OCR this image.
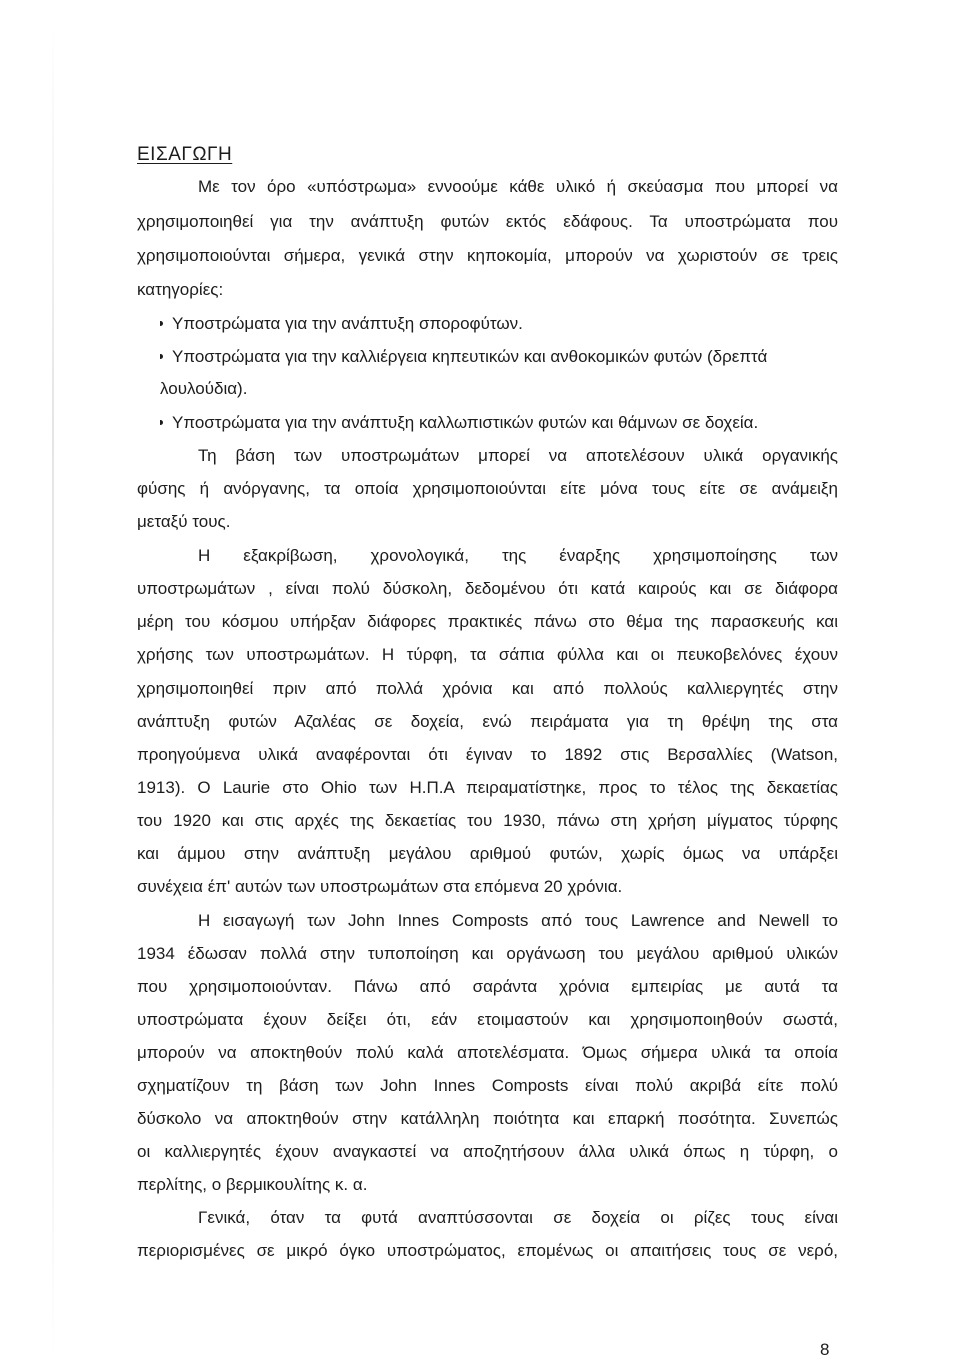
ΕΙΣΑΓΩΓΗ
Με τον όρο «υπόστρωμα» εννοούμε κάθε υλικό ή σκεύασμα που μπορεί να
χρησιμοποιηθεί για την ανάπτυξη φυτών εκτός εδάφους. Τα υποστρώματα που
χρησιμοποιούνται σήμερα, γενικά στην κηποκομία, μπορούν να χωριστούν σε τρεις
κατηγορίες:
Υποστρώματα για την ανάπτυξη σποροφύτων.
Υποστρώματα για την καλλιέργεια κηπευτικών και ανθοκομικών φυτών (δρεπτά
λουλούδια).
Υποστρώματα για την ανάπτυξη καλλωπιστικών φυτών και θάμνων σε δοχεία.
Τη βάση των υποστρωμάτων μπορεί να αποτελέσουν υλικά οργανικής
φύσης ή ανόργανης, τα οποία χρησιμοποιούνται είτε μόνα τους είτε σε ανάμειξη
μεταξύ τους.
Η εξακρίβωση, χρονολογικά, της έναρξης χρησιμοποίησης των
υποστρωμάτων , είναι πολύ δύσκολη, δεδομένου ότι κατά καιρούς και σε διάφορα
μέρη του κόσμου υπήρξαν διάφορες πρακτικές πάνω στο θέμα της παρασκευής και
χρήσης των υποστρωμάτων. Η τύρφη, τα σάπια φύλλα και οι πευκοβελόνες έχουν
χρησιμοποιηθεί πριν από πολλά χρόνια και από πολλούς καλλιεργητές στην
ανάπτυξη φυτών Αζαλέας σε δοχεία, ενώ πειράματα για τη θρέψη της στα
προηγούμενα υλικά αναφέρονται ότι έγιναν το 1892 στις Βερσαλλίες (Watson,
1913). Ο Laurie στο Ohio των Η.Π.Α πειραματίστηκε, προς το τέλος της δεκαετίας
του 1920 και στις αρχές της δεκαετίας του 1930, πάνω στη χρήση μίγματος τύρφης
και άμμου στην ανάπτυξη μεγάλου αριθμού φυτών, χωρίς όμως να υπάρξει
συνέχεια έπ' αυτών των υποστρωμάτων στα επόμενα 20 χρόνια.
Η εισαγωγή των John Innes Composts από τους Lawrence and Newell το
1934 έδωσαν πολλά στην τυποποίηση και οργάνωση του μεγάλου αριθμού υλικών
που χρησιμοποιούνταν. Πάνω από σαράντα χρόνια εμπειρίας με αυτά τα
υποστρώματα έχουν δείξει ότι, εάν ετοιμαστούν και χρησιμοποιηθούν σωστά,
μπορούν να αποκτηθούν πολύ καλά αποτελέσματα. Όμως σήμερα υλικά τα οποία
σχηματίζουν τη βάση των John Innes Composts είναι πολύ ακριβά είτε πολύ
δύσκολο να αποκτηθούν στην κατάλληλη ποιότητα και επαρκή ποσότητα. Συνεπώς
οι καλλιεργητές έχουν αναγκαστεί να αποζητήσουν άλλα υλικά όπως η τύρφη, ο
περλίτης, ο βερμικουλίτης κ. α.
Γενικά, όταν τα φυτά αναπτύσσονται σε δοχεία οι ρίζες τους είναι
περιορισμένες σε μικρό όγκο υποστρώματος, επομένως οι απαιτήσεις τους σε νερό,
8
